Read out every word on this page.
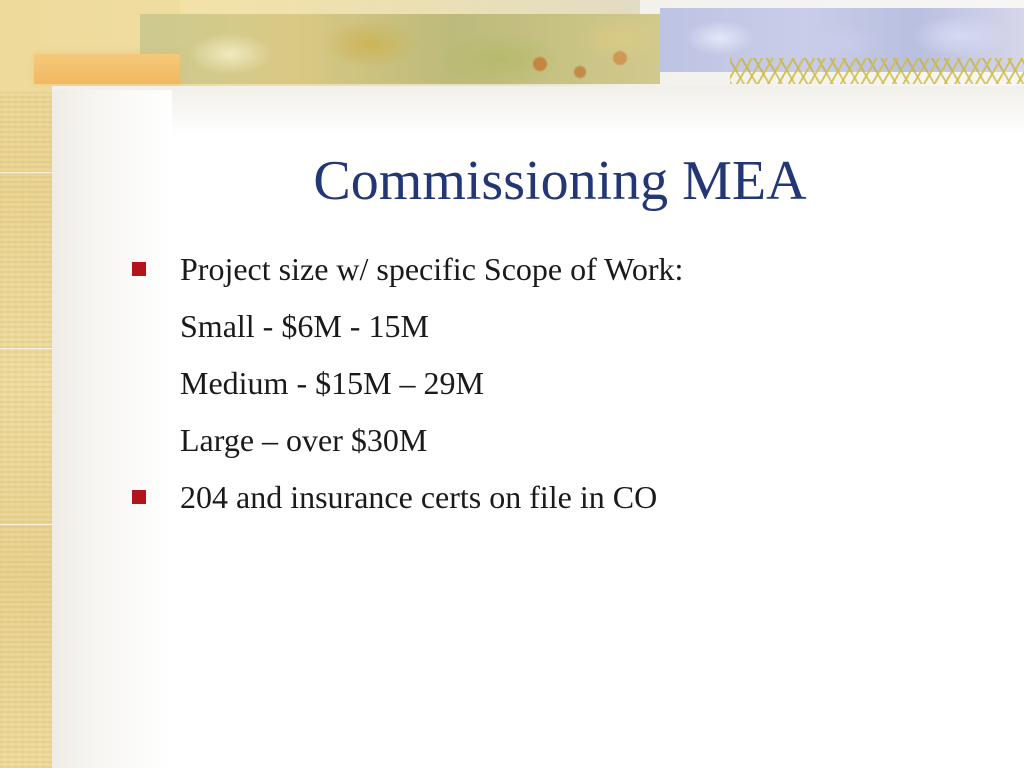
Commissioning MEA
Project size w/ specific Scope of Work:
Small - $6M - 15M
Medium - $15M – 29M
Large – over $30M
204 and insurance certs on file in CO
